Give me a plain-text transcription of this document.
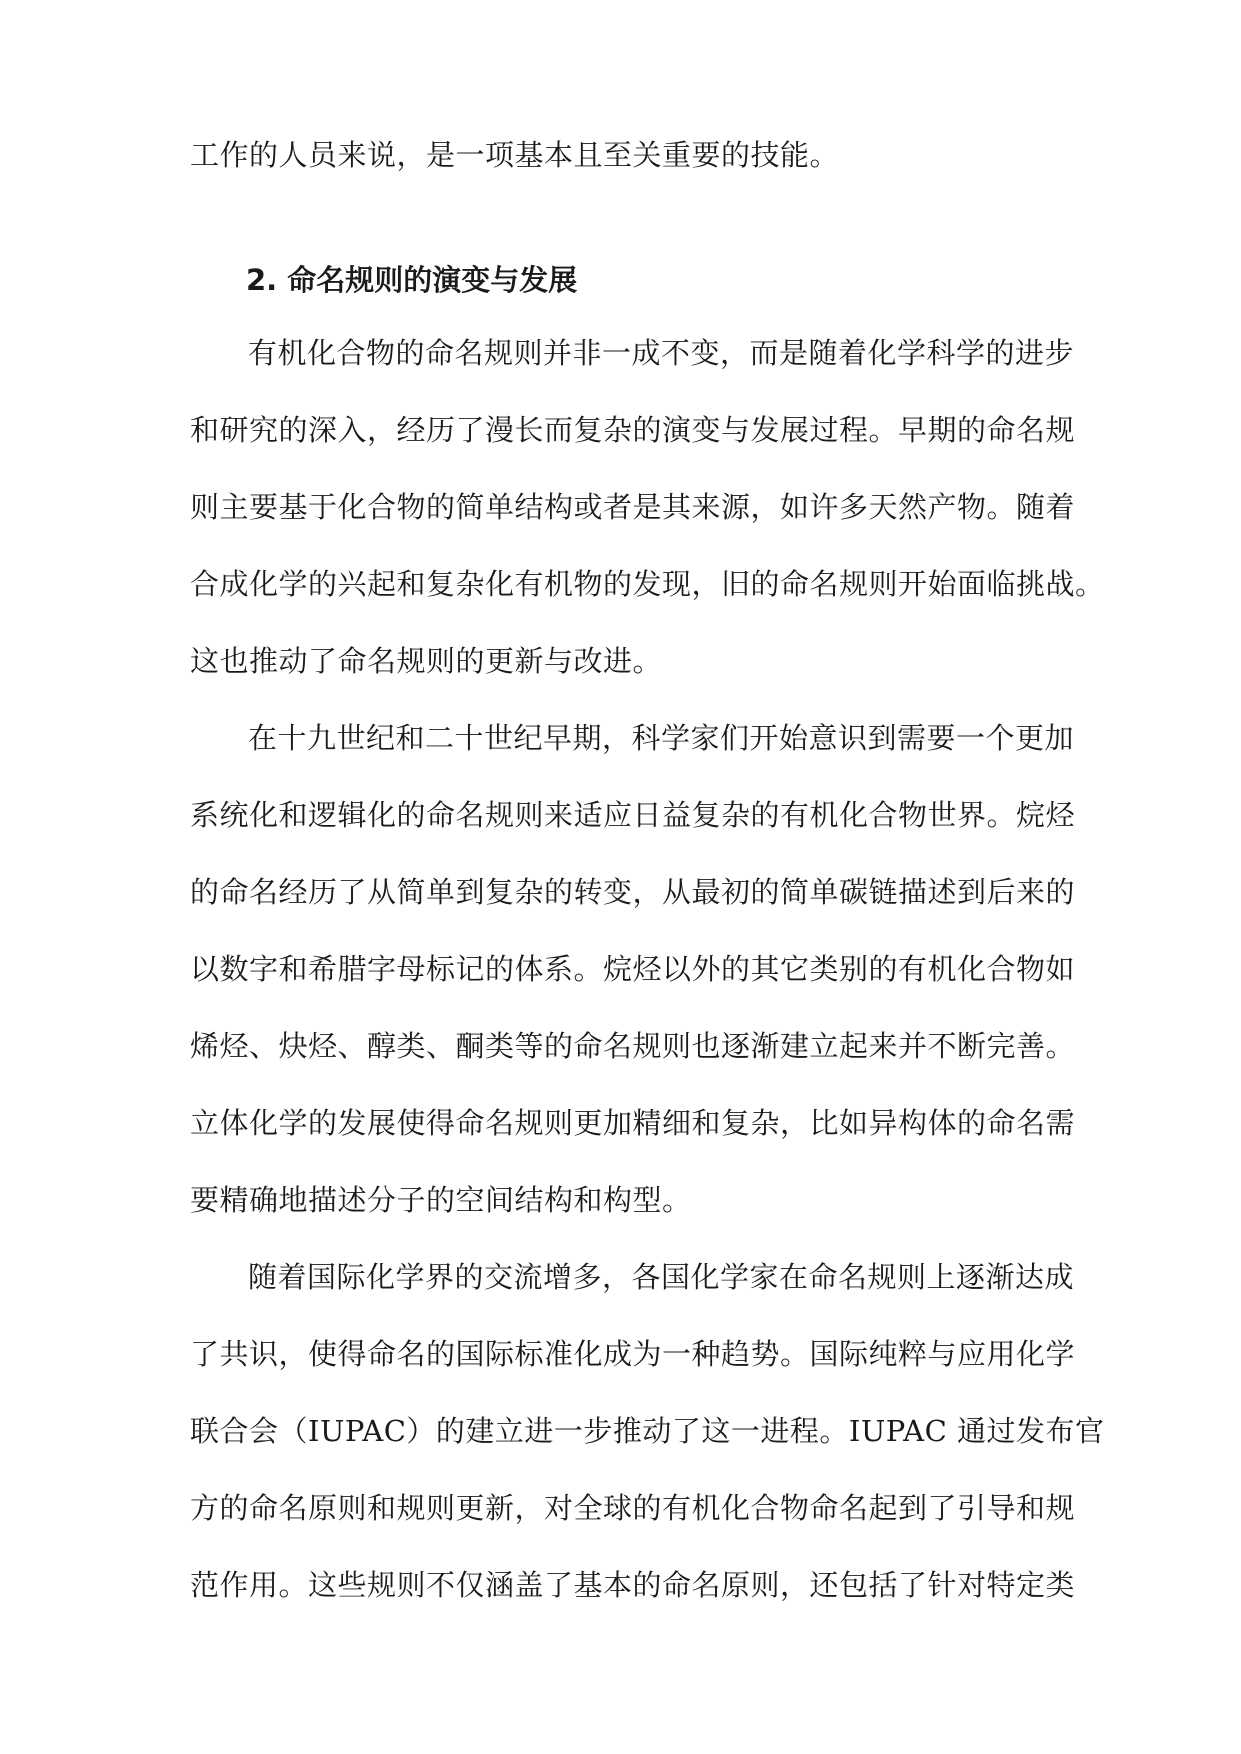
工作的人员来说，是一项基本且至关重要的技能。
2. 命名规则的演变与发展
有机化合物的命名规则并非一成不变，而是随着化学科学的进步
和研究的深入，经历了漫长而复杂的演变与发展过程。早期的命名规
则主要基于化合物的简单结构或者是其来源，如许多天然产物。随着
合成化学的兴起和复杂化有机物的发现，旧的命名规则开始面临挑战。
这也推动了命名规则的更新与改进。
在十九世纪和二十世纪早期，科学家们开始意识到需要一个更加
系统化和逻辑化的命名规则来适应日益复杂的有机化合物世界。烷烃
的命名经历了从简单到复杂的转变，从最初的简单碳链描述到后来的
以数字和希腊字母标记的体系。烷烃以外的其它类别的有机化合物如
烯烃、炔烃、醇类、酮类等的命名规则也逐渐建立起来并不断完善。
立体化学的发展使得命名规则更加精细和复杂，比如异构体的命名需
要精确地描述分子的空间结构和构型。
随着国际化学界的交流增多，各国化学家在命名规则上逐渐达成
了共识，使得命名的国际标准化成为一种趋势。国际纯粹与应用化学
联合会（IUPAC）的建立进一步推动了这一进程。IUPAC 通过发布官
方的命名原则和规则更新，对全球的有机化合物命名起到了引导和规
范作用。这些规则不仅涵盖了基本的命名原则，还包括了针对特定类
